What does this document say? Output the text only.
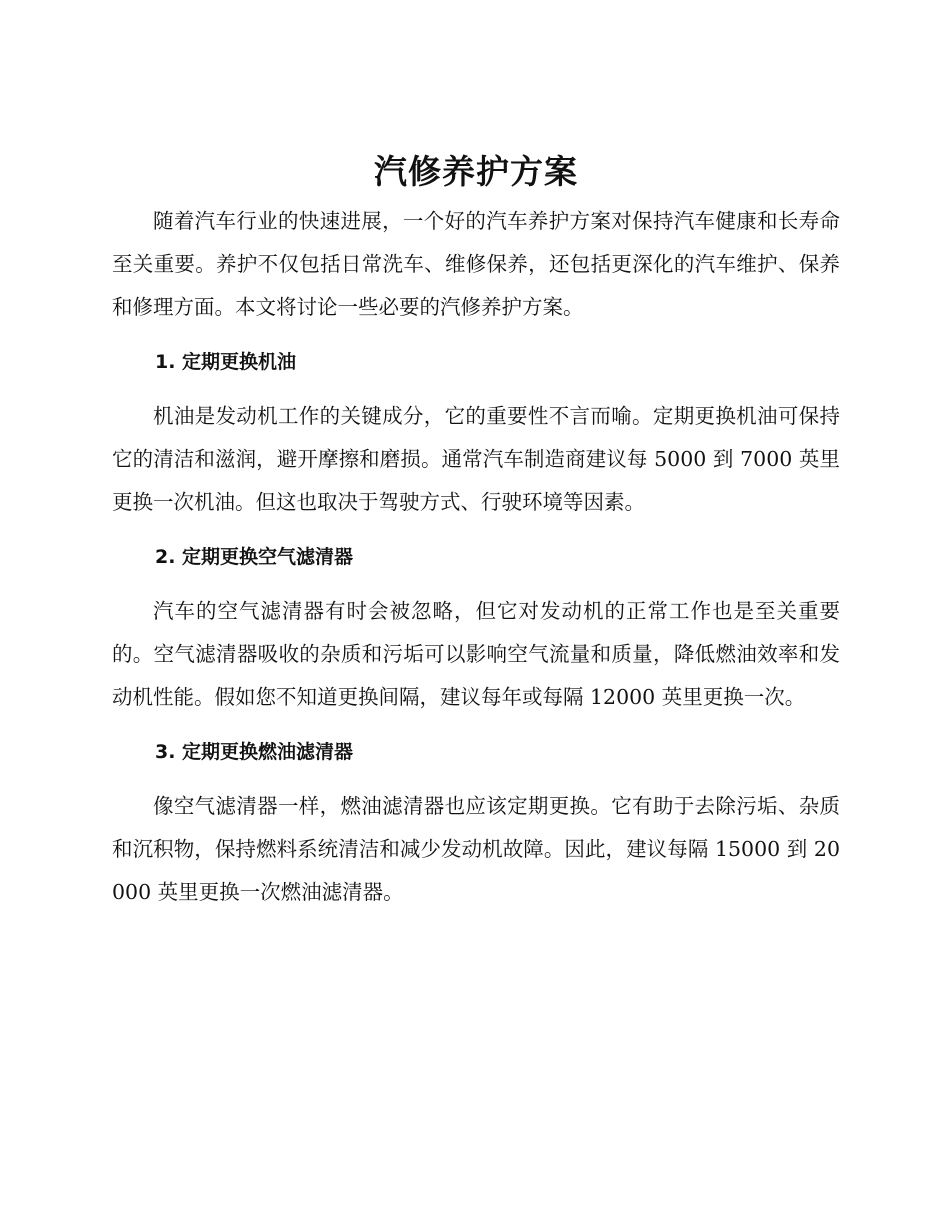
汽修养护方案

随着汽车行业的快速进展，一个好的汽车养护方案对保持汽车健康和长寿命至关重要。养护不仅包括日常洗车、维修保养，还包括更深化的汽车维护、保养和修理方面。本文将讨论一些必要的汽修养护方案。

1. 定期更换机油

机油是发动机工作的关键成分，它的重要性不言而喻。定期更换机油可保持它的清洁和滋润，避开摩擦和磨损。通常汽车制造商建议每 5000 到 7000 英里更换一次机油。但这也取决于驾驶方式、行驶环境等因素。

2. 定期更换空气滤清器

汽车的空气滤清器有时会被忽略，但它对发动机的正常工作也是至关重要的。空气滤清器吸收的杂质和污垢可以影响空气流量和质量，降低燃油效率和发动机性能。假如您不知道更换间隔，建议每年或每隔 12000 英里更换一次。

3. 定期更换燃油滤清器

像空气滤清器一样，燃油滤清器也应该定期更换。它有助于去除污垢、杂质和沉积物，保持燃料系统清洁和减少发动机故障。因此，建议每隔 15000 到 20000 英里更换一次燃油滤清器。
